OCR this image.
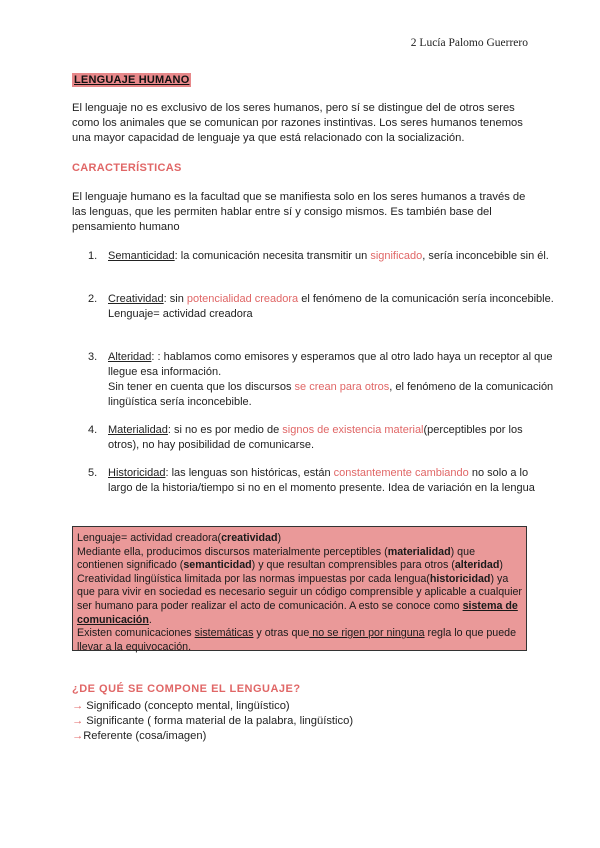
2 Lucía Palomo Guerrero
LENGUAJE HUMANO
El lenguaje no es exclusivo de los seres humanos, pero sí se distingue del de otros seres como los animales que se comunican por razones instintivas. Los seres humanos tenemos una mayor capacidad de lenguaje ya que está relacionado con la socialización.
CARACTERÍSTICAS
El lenguaje humano es la facultad que se manifiesta solo en los seres humanos a través de las lenguas, que les permiten hablar entre sí y consigo mismos. Es también base del pensamiento humano
1. Semanticidad: la comunicación necesita transmitir un significado, sería inconcebible sin él.
2. Creatividad: sin potencialidad creadora el fenómeno de la comunicación sería inconcebible.
Lenguaje= actividad creadora
3. Alteridad: : hablamos como emisores y esperamos que al otro lado haya un receptor al que llegue esa información.
Sin tener en cuenta que los discursos se crean para otros, el fenómeno de la comunicación lingüística sería inconcebible.
4. Materialidad: si no es por medio de signos de existencia material(perceptibles por los otros), no hay posibilidad de comunicarse.
5. Historicidad: las lenguas son históricas, están constantemente cambiando no solo a lo largo de la historia/tiempo si no en el momento presente. Idea de variación en la lengua
Lenguaje= actividad creadora(creatividad)
Mediante ella, producimos discursos materialmente perceptibles (materialidad) que contienen significado (semanticidad) y que resultan comprensibles para otros (alteridad)
Creatividad lingüística limitada por las normas impuestas por cada lengua(historicidad) ya que para vivir en sociedad es necesario seguir un código comprensible y aplicable a cualquier ser humano para poder realizar el acto de comunicación. A esto se conoce como sistema de comunicación.
Existen comunicaciones sistemáticas y otras que no se rigen por ninguna regla lo que puede llevar a la equivocación.
¿DE QUÉ SE COMPONE EL LENGUAJE?
→ Significado (concepto mental, lingüístico)
→ Significante ( forma material de la palabra, lingüístico)
→Referente (cosa/imagen)
